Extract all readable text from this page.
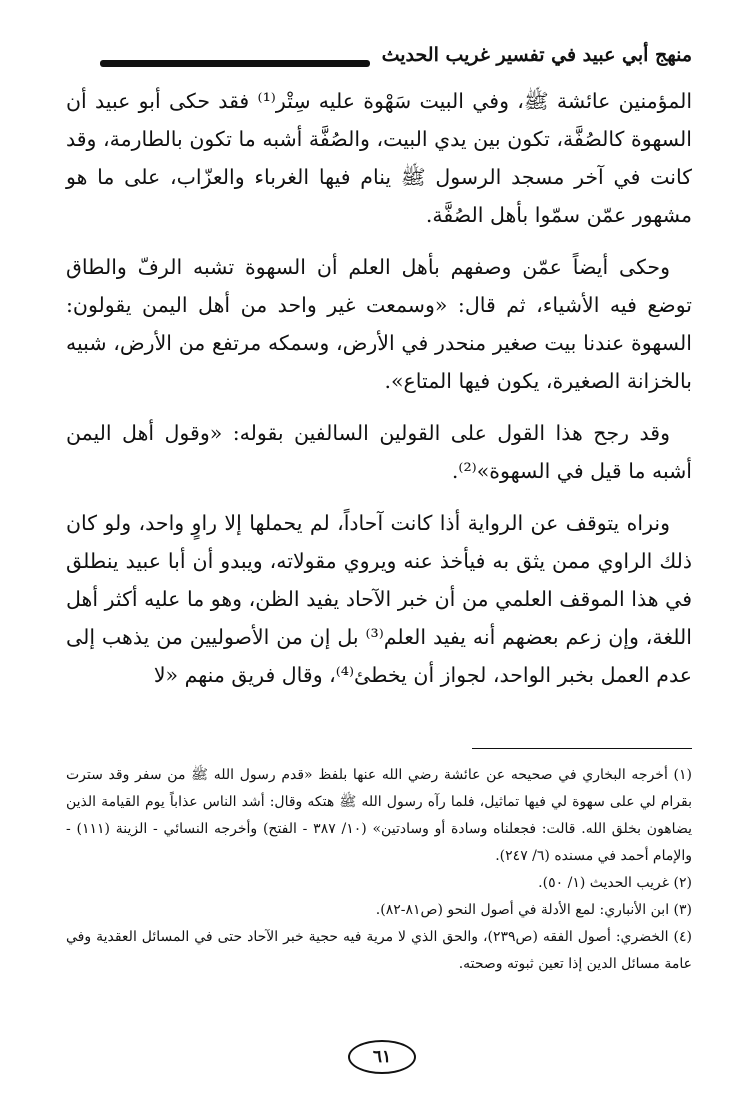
منهج أبي عبيد في تفسير غريب الحديث

المؤمنين عائشة ﷺ، وفي البيت سَهْوة عليه سِتْر⁽¹⁾ فقد حكى أبو عبيد أن السهوة كالصُفَّة، تكون بين يدي البيت، والصُفَّة أشبه ما تكون بالطارمة، وقد كانت في آخر مسجد الرسول ﷺ ينام فيها الغرباء والعزّاب، على ما هو مشهور عمّن سمّوا بأهل الصُفَّة.

وحكى أيضاً عمّن وصفهم بأهل العلم أن السهوة تشبه الرفّ والطاق توضع فيه الأشياء، ثم قال: «وسمعت غير واحد من أهل اليمن يقولون: السهوة عندنا بيت صغير منحدر في الأرض، وسمكه مرتفع من الأرض، شبيه بالخزانة الصغيرة، يكون فيها المتاع».

وقد رجح هذا القول على القولين السالفين بقوله: «وقول أهل اليمن أشبه ما قيل في السهوة»⁽²⁾.

ونراه يتوقف عن الرواية أذا كانت آحاداً، لم يحملها إلا راوٍ واحد، ولو كان ذلك الراوي ممن يثق به فيأخذ عنه ويروي مقولاته، ويبدو أن أبا عبيد ينطلق في هذا الموقف العلمي من أن خبر الآحاد يفيد الظن، وهو ما عليه أكثر أهل اللغة، وإن زعم بعضهم أنه يفيد العلم⁽³⁾ بل إن من الأصوليين من يذهب إلى عدم العمل بخبر الواحد، لجواز أن يخطئ⁽⁴⁾، وقال فريق منهم «لا

(١) أخرجه البخاري في صحيحه عن عائشة رضي الله عنها بلفظ «قدم رسول الله ﷺ من سفر وقد سترت بقرام لي على سهوة لي فيها تماثيل، فلما رآه رسول الله ﷺ هتكه وقال: أشد الناس عذاباً يوم القيامة الذين يضاهون بخلق الله. قالت: فجعلناه وسادة أو وسادتين» (١٠/ ٣٨٧ - الفتح) وأخرجه النسائي - الزينة (١١١) - والإمام أحمد في مسنده (٦/ ٢٤٧).

(٢) غريب الحديث (١/ ٥٠).

(٣) ابن الأنباري: لمع الأدلة في أصول النحو (ص٨١-٨٢).

(٤) الخضري: أصول الفقه (ص٢٣٩)، والحق الذي لا مرية فيه حجية خبر الآحاد حتى في المسائل العقدية وفي عامة مسائل الدين إذا تعين ثبوته وصحته.

٦١
